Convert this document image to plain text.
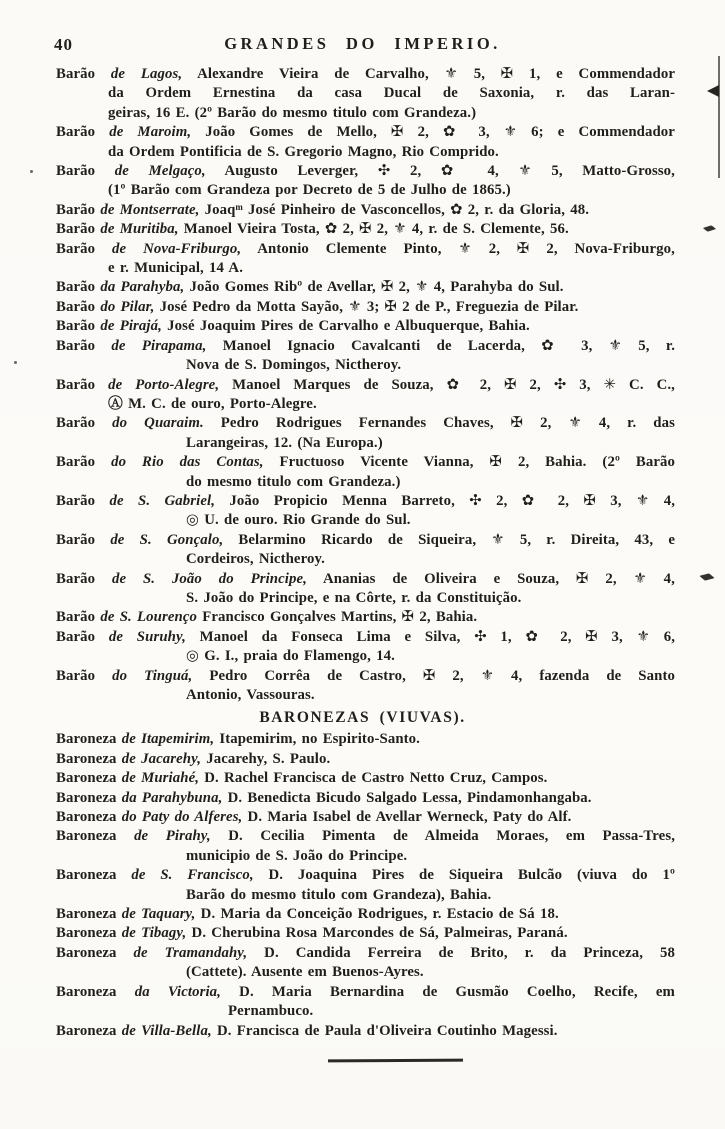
40	GRANDES DO IMPERIO.
Barão de Lagos, Alexandre Vieira de Carvalho, ⚜ 5, ✠ 1, e Commendador
da Ordem Ernestina da casa Ducal de Saxonia, r. das Laran-
geiras, 16 E. (2º Barão do mesmo titulo com Grandeza.)
Barão de Maroim, João Gomes de Mello, ✠ 2, ✿ 3, ⚜ 6; e Commendador
da Ordem Pontificia de S. Gregorio Magno, Rio Comprido.
Barão de Melgaço, Augusto Leverger, ✣ 2, ✿ 4, ⚜ 5, Matto-Grosso,
(1º Barão com Grandeza por Decreto de 5 de Julho de 1865.)
Barão de Montserrate, Joaqᵐ José Pinheiro de Vasconcellos, ✿ 2, r. da Gloria, 48.
Barão de Muritiba, Manoel Vieira Tosta, ✿ 2, ✠ 2, ⚜ 4, r. de S. Clemente, 56.
Barão de Nova-Friburgo, Antonio Clemente Pinto, ⚜ 2, ✠ 2, Nova-Friburgo,
e r. Municipal, 14 A.
Barão da Parahyba, João Gomes Ribº de Avellar, ✠ 2, ⚜ 4, Parahyba do Sul.
Barão do Pilar, José Pedro da Motta Sayão, ⚜ 3; ✠ 2 de P., Freguezia de Pilar.
Barão de Pirajá, José Joaquim Pires de Carvalho e Albuquerque, Bahia.
Barão de Pirapama, Manoel Ignacio Cavalcanti de Lacerda, ✿ 3, ⚜ 5, r.
Nova de S. Domingos, Nictheroy.
Barão de Porto-Alegre, Manoel Marques de Souza, ✿ 2, ✠ 2, ✣ 3, ✳ C. C.,
Ⓐ M. C. de ouro, Porto-Alegre.
Barão do Quaraim. Pedro Rodrigues Fernandes Chaves, ✠ 2, ⚜ 4, r. das
Larangeiras, 12. (Na Europa.)
Barão do Rio das Contas, Fructuoso Vicente Vianna, ✠ 2, Bahia. (2º Barão
do mesmo titulo com Grandeza.)
Barão de S. Gabriel, João Propicio Menna Barreto, ✣ 2, ✿ 2, ✠ 3, ⚜ 4,
◎ U. de ouro. Rio Grande do Sul.
Barão de S. Gonçalo, Belarmino Ricardo de Siqueira, ⚜ 5, r. Direita, 43, e
Cordeiros, Nictheroy.
Barão de S. João do Principe, Ananias de Oliveira e Souza, ✠ 2, ⚜ 4,
S. João do Principe, e na Côrte, r. da Constituição.
Barão de S. Lourenço Francisco Gonçalves Martins, ✠ 2, Bahia.
Barão de Suruhy, Manoel da Fonseca Lima e Silva, ✣ 1, ✿ 2, ✠ 3, ⚜ 6,
◎ G. I., praia do Flamengo, 14.
Barão do Tinguá, Pedro Corrêa de Castro, ✠ 2, ⚜ 4, fazenda de Santo
Antonio, Vassouras.
BARONEZAS (VIUVAS).
Baroneza de Itapemirim, Itapemirim, no Espirito-Santo.
Baroneza de Jacarehy, Jacarehy, S. Paulo.
Baroneza de Muriahé, D. Rachel Francisca de Castro Netto Cruz, Campos.
Baroneza da Parahybuna, D. Benedicta Bicudo Salgado Lessa, Pindamonhangaba.
Baroneza do Paty do Alferes, D. Maria Isabel de Avellar Werneck, Paty do Alf.
Baroneza de Pirahy, D. Cecilia Pimenta de Almeida Moraes, em Passa-Tres,
municipio de S. João do Principe.
Baroneza de S. Francisco, D. Joaquina Pires de Siqueira Bulcão (viuva do 1º
Barão do mesmo titulo com Grandeza), Bahia.
Baroneza de Taquary, D. Maria da Conceição Rodrigues, r. Estacio de Sá 18.
Baroneza de Tibagy, D. Cherubina Rosa Marcondes de Sá, Palmeiras, Paraná.
Baroneza de Tramandahy, D. Candida Ferreira de Brito, r. da Princeza, 58
(Cattete). Ausente em Buenos-Ayres.
Baroneza da Victoria, D. Maria Bernardina de Gusmão Coelho, Recife, em
Pernambuco.
Baroneza de Villa-Bella, D. Francisca de Paula d'Oliveira Coutinho Magessi.
